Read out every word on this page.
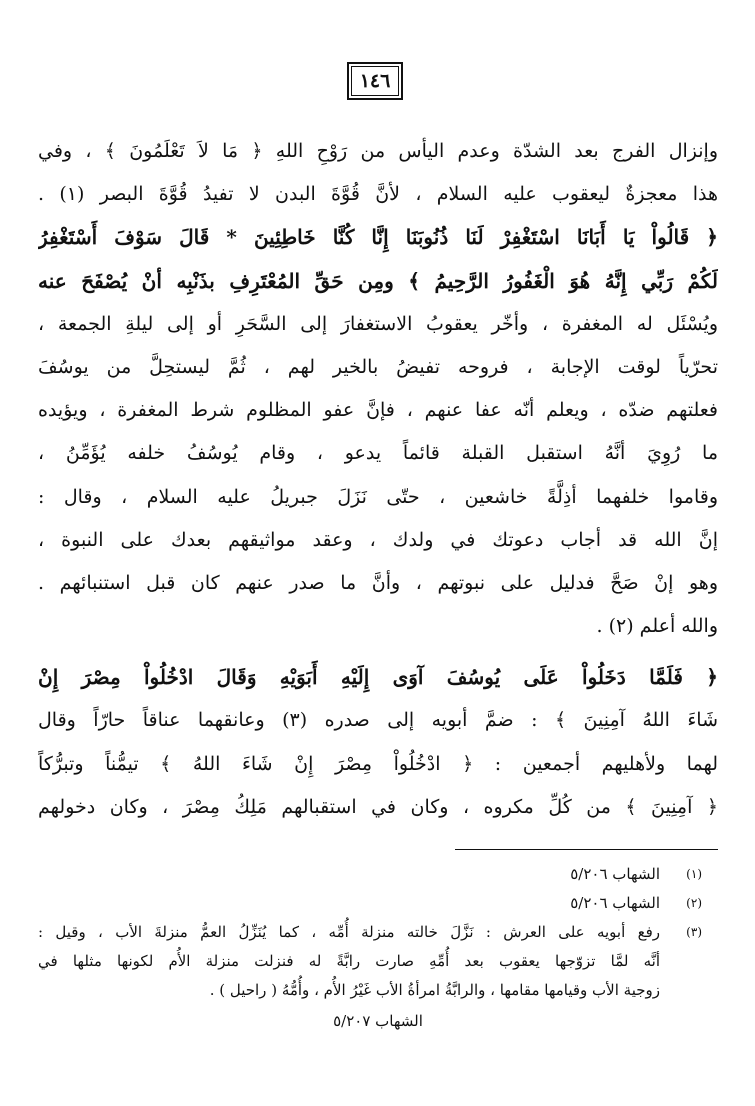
١٤٦
وإنزال الفرج بعد الشدّة وعدم اليأس من رَوْحِ اللهِ ﴿ مَا لاَ تَعْلَمُونَ ﴾ ، وفي
هذا معجزةٌ ليعقوب عليه السلام ، لأنَّ قُوَّةَ البدن لا تفيدُ قُوَّةَ البصر (١) .
﴿ قَالُواْ يَا أَبَانَا اسْتَغْفِرْ لَنَا ذُنُوبَنَا إِنَّا كُنَّا خَاطِئِينَ * قَالَ سَوْفَ أَسْتَغْفِرُ
لَكُمْ رَبِّي إِنَّهُ هُوَ الْغَفُورُ الرَّحِيمُ ﴾ ومِن حَقِّ المُعْتَرِفِ بذَنْبِه أنْ يُصْفَحَ عنه
ويُسْئَل له المغفرة ، وأخّر يعقوبُ الاستغفارَ إلى السَّحَرِ أو إلى ليلةِ الجمعة ،
تحرّياً لوقت الإجابة ، فروحه تفيضُ بالخير لهم ، ثُمَّ ليستحِلَّ من يوسُفَ
فعلتهم ضدّه ، ويعلم أنّه عفا عنهم ، فإنَّ عفو المظلوم شرط المغفرة ، ويؤيده
ما رُوِيَ أنَّهُ استقبل القبلة قائماً يدعو ، وقام يُوسُفُ خلفه يُؤَمِّنُ ،
وقاموا خلفهما أذِلَّةً خاشعين ، حتّى نَزَلَ جبريلُ عليه السلام ، وقال :
إنَّ الله قد أجاب دعوتك في ولدك ، وعقد مواثيقهم بعدك على النبوة ،
وهو إنْ صَحَّ فدليل على نبوتهم ، وأنَّ ما صدر عنهم كان قبل استنبائهم .
والله أعلم (٢) .
﴿ فَلَمَّا دَخَلُواْ عَلَى يُوسُفَ آوَى إِلَيْهِ أَبَوَيْهِ وَقَالَ ادْخُلُواْ مِصْرَ إِنْ
شَاءَ اللهُ آمِنِينَ ﴾ : ضمَّ أبويه إلى صدره (٣) وعانقهما عناقاً حارّاً وقال
لهما ولأهليهم أجمعين : ﴿ ادْخُلُواْ مِصْرَ إِنْ شَاءَ اللهُ ﴾ تيمُّناً وتبرُّكاً
﴿ آمِنِينَ ﴾ من كُلِّ مكروه ، وكان في استقبالهم مَلِكُ مِصْرَ ، وكان دخولهم
(١)
الشهاب ٥/٢٠٦
(٢)
الشهاب ٥/٢٠٦
(٣)
رفع أبويه على العرش : نَزَّلَ خالته منزلة أُمِّه ، كما يُنَزِّلُ العمُّ منزلةَ الأب ، وقيل :
أنَّه لمَّا تزوّجها يعقوب بعد أُمِّهِ صارت رابَّةً له فنزلت منزلة الأُم لكونها مثلها في
زوجية الأب وقيامها مقامها ، والرابَّةُ امرأةُ الأب غَيْرُ الأُم ، وأُمُّهُ ( راحيل ) .
الشهاب ٥/٢٠٧
